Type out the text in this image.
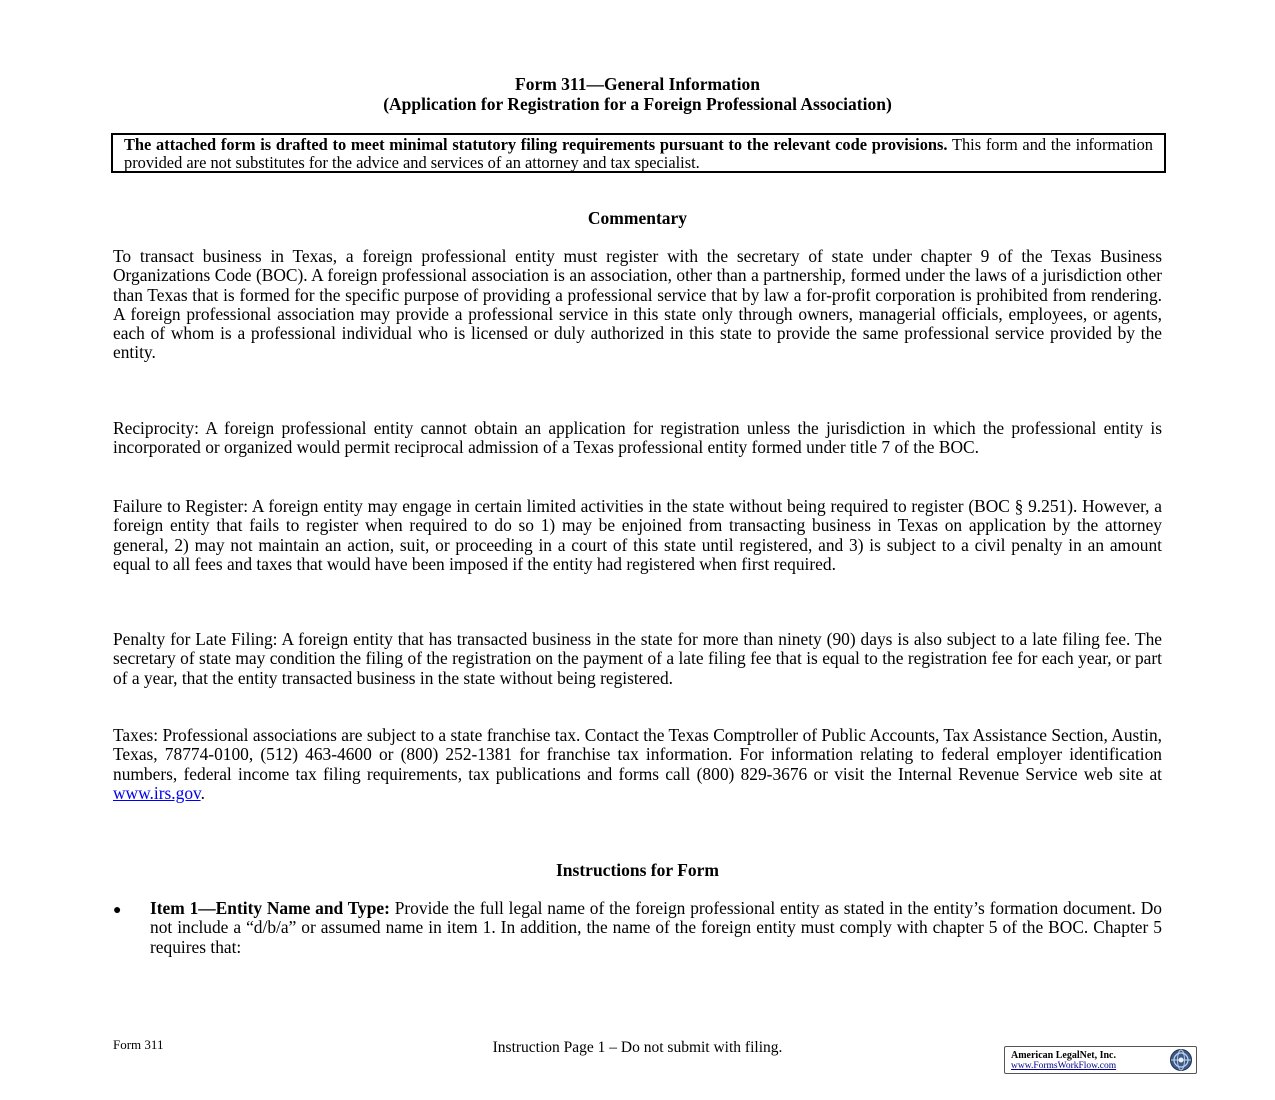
Form 311—General Information
(Application for Registration for a Foreign Professional Association)
The attached form is drafted to meet minimal statutory filing requirements pursuant to the relevant code provisions. This form and the information provided are not substitutes for the advice and services of an attorney and tax specialist.
Commentary

To transact business in Texas, a foreign professional entity must register with the secretary of state under chapter 9 of the Texas Business Organizations Code (BOC). A foreign professional association is an association, other than a partnership, formed under the laws of a jurisdiction other than Texas that is formed for the specific purpose of providing a professional service that by law a for-profit corporation is prohibited from rendering. A foreign professional association may provide a professional service in this state only through owners, managerial officials, employees, or agents, each of whom is a professional individual who is licensed or duly authorized in this state to provide the same professional service provided by the entity.

Reciprocity: A foreign professional entity cannot obtain an application for registration unless the jurisdiction in which the professional entity is incorporated or organized would permit reciprocal admission of a Texas professional entity formed under title 7 of the BOC.

Failure to Register: A foreign entity may engage in certain limited activities in the state without being required to register (BOC § 9.251). However, a foreign entity that fails to register when required to do so 1) may be enjoined from transacting business in Texas on application by the attorney general, 2) may not maintain an action, suit, or proceeding in a court of this state until registered, and 3) is subject to a civil penalty in an amount equal to all fees and taxes that would have been imposed if the entity had registered when first required.

Penalty for Late Filing: A foreign entity that has transacted business in the state for more than ninety (90) days is also subject to a late filing fee. The secretary of state may condition the filing of the registration on the payment of a late filing fee that is equal to the registration fee for each year, or part of a year, that the entity transacted business in the state without being registered.

Taxes: Professional associations are subject to a state franchise tax. Contact the Texas Comptroller of Public Accounts, Tax Assistance Section, Austin, Texas, 78774-0100, (512) 463-4600 or (800) 252-1381 for franchise tax information. For information relating to federal employer identification numbers, federal income tax filing requirements, tax publications and forms call (800) 829-3676 or visit the Internal Revenue Service web site at www.irs.gov.

Instructions for Form
● Item 1—Entity Name and Type: Provide the full legal name of the foreign professional entity as stated in the entity’s formation document. Do not include a “d/b/a” or assumed name in item 1. In addition, the name of the foreign entity must comply with chapter 5 of the BOC. Chapter 5 requires that:
Form 311	Instruction Page 1 – Do not submit with filing.	American LegalNet, Inc.
www.FormsWorkFlow.com
